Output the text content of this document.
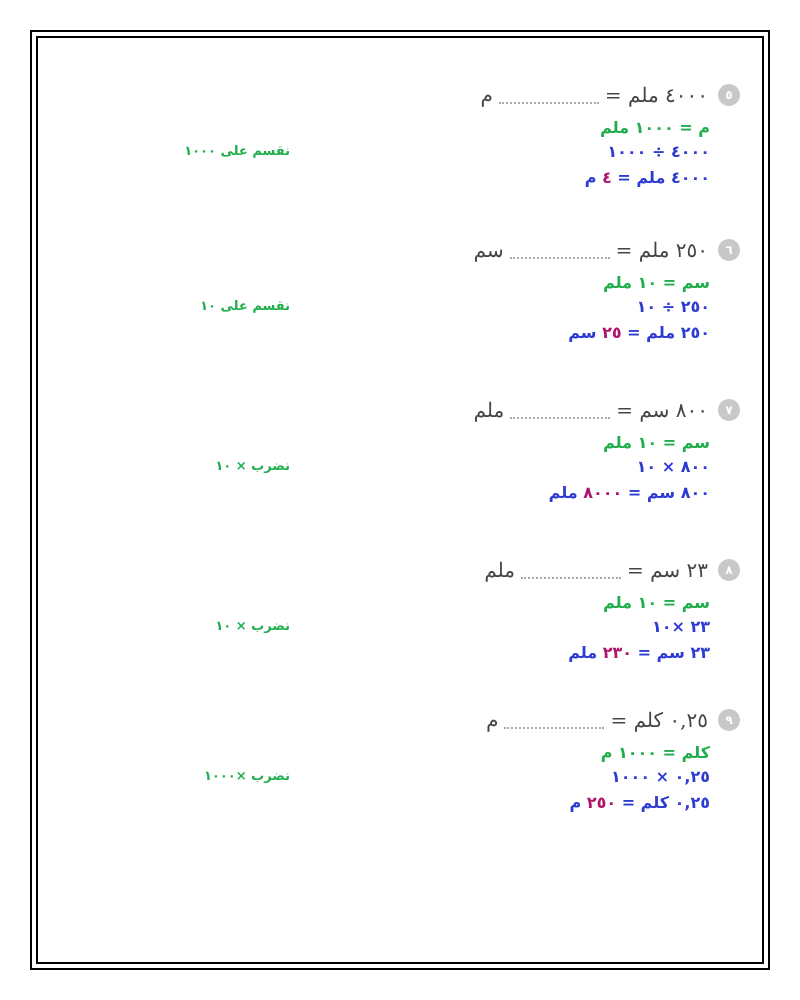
٥
٤٠٠٠ ملم =
م
م = ١٠٠٠ ملم
٤٠٠٠ ÷ ١٠٠٠
٤٠٠٠ ملم = ٤ م
نقسم على ١٠٠٠
٦
٢٥٠ ملم =
سم
سم = ١٠ ملم
٢٥٠ ÷ ١٠
٢٥٠ ملم = ٢٥ سم
نقسم على ١٠
٧
٨٠٠ سم =
ملم
سم = ١٠ ملم
٨٠٠ × ١٠
٨٠٠ سم = ٨٠٠٠ ملم
نضرب × ١٠
٨
٢٣ سم =
ملم
سم = ١٠ ملم
٢٣ ×١٠
٢٣ سم = ٢٣٠ ملم
نضرب × ١٠
٩
٠,٢٥ كلم =
م
كلم = ١٠٠٠ م
٠,٢٥ × ١٠٠٠
٠,٢٥ كلم = ٢٥٠ م
نضرب ×١٠٠٠
